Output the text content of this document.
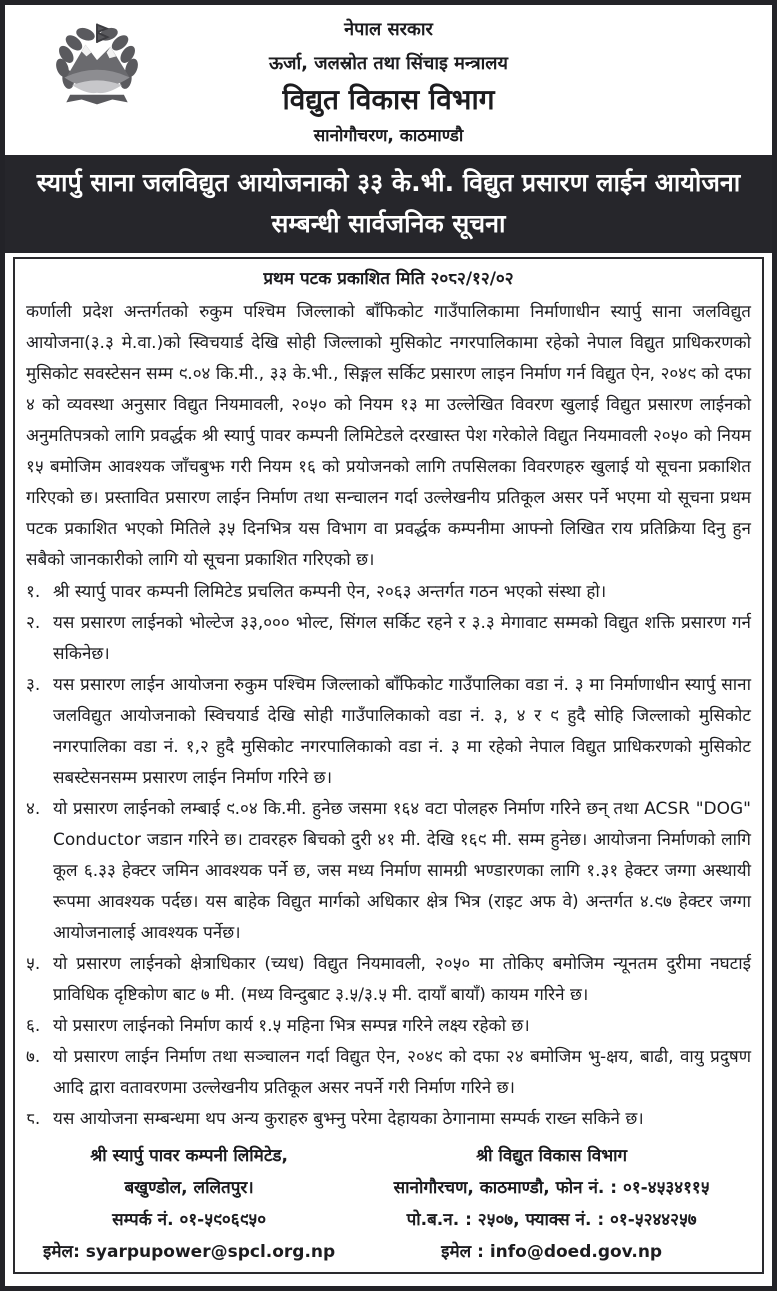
नेपाल सरकार
ऊर्जा, जलस्रोत तथा सिंचाइ मन्त्रालय
विद्युत विकास विभाग
सानोगौचरण, काठमाण्डौ
स्यार्पु साना जलविद्युत आयोजनाको ३३ के.भी. विद्युत प्रसारण लाईन आयोजना
सम्बन्धी सार्वजनिक सूचना
प्रथम पटक प्रकाशित मिति २०८२/१२/०२
कर्णाली प्रदेश अन्तर्गतको रुकुम पश्चिम जिल्लाको बाँफिकोट गाउँपालिकामा निर्माणाधीन स्यार्पु साना जलविद्युत आयोजना(३.३ मे.वा.)को स्विचयार्ड देखि सोही जिल्लाको मुसिकोट नगरपालिकामा रहेको नेपाल विद्युत प्राधिकरणको मुसिकोट सवस्टेसन सम्म ९.०४ कि.मी., ३३ के.भी., सिङ्गल सर्किट प्रसारण लाइन निर्माण गर्न विद्युत ऐन, २०४९ को दफा ४ को व्यवस्था अनुसार विद्युत नियमावली, २०५० को नियम १३ मा उल्लेखित विवरण खुलाई विद्युत प्रसारण लाईनको अनुमतिपत्रको लागि प्रवर्द्धक श्री स्यार्पु पावर कम्पनी लिमिटेडले दरखास्त पेश गरेकोले विद्युत नियमावली २०५० को नियम १५ बमोजिम आवश्यक जाँचबुझ गरी नियम १६ को प्रयोजनको लागि तपसिलका विवरणहरु खुलाई यो सूचना प्रकाशित गरिएको छ। प्रस्तावित प्रसारण लाईन निर्माण तथा सन्चालन गर्दा उल्लेखनीय प्रतिकूल असर पर्ने भएमा यो सूचना प्रथम पटक प्रकाशित भएको मितिले ३५ दिनभित्र यस विभाग वा प्रवर्द्धक कम्पनीमा आफ्नो लिखित राय प्रतिक्रिया दिनु हुन सबैको जानकारीको लागि यो सूचना प्रकाशित गरिएको छ।
१. श्री स्यार्पु पावर कम्पनी लिमिटेड प्रचलित कम्पनी ऐन, २०६३ अन्तर्गत गठन भएको संस्था हो।
२. यस प्रसारण लाईनको भोल्टेज ३३,००० भोल्ट, सिंगल सर्किट रहने र ३.३ मेगावाट सम्मको विद्युत शक्ति प्रसारण गर्न सकिनेछ।
३. यस प्रसारण लाईन आयोजना रुकुम पश्चिम जिल्लाको बाँफिकोट गाउँपालिका वडा नं. ३ मा निर्माणाधीन स्यार्पु साना जलविद्युत आयोजनाको स्विचयार्ड देखि सोही गाउँपालिकाको वडा नं. ३, ४ र ९ हुदै सोहि जिल्लाको मुसिकोट नगरपालिका वडा नं. १,२ हुदै मुसिकोट नगरपालिकाको वडा नं. ३ मा रहेको नेपाल विद्युत प्राधिकरणको मुसिकोट सबस्टेसनसम्म प्रसारण लाईन निर्माण गरिने छ।
४. यो प्रसारण लाईनको लम्बाई ९.०४ कि.मी. हुनेछ जसमा १६४ वटा पोलहरु निर्माण गरिने छन् तथा ACSR "DOG" Conductor जडान गरिने छ। टावरहरु बिचको दुरी ४१ मी. देखि १६९ मी. सम्म हुनेछ। आयोजना निर्माणको लागि कूल ६.३३ हेक्टर जमिन आवश्यक पर्ने छ, जस मध्य निर्माण सामग्री भण्डारणका लागि १.३१ हेक्टर जग्गा अस्थायी रूपमा आवश्यक पर्दछ। यस बाहेक विद्युत मार्गको अधिकार क्षेत्र भित्र (राइट अफ वे) अन्तर्गत ४.९७ हेक्टर जग्गा आयोजनालाई आवश्यक पर्नेछ।
५. यो प्रसारण लाईनको क्षेत्राधिकार (च्यध) विद्युत नियमावली, २०५० मा तोकिए बमोजिम न्यूनतम दुरीमा नघटाई प्राविधिक दृष्टिकोण बाट ७ मी. (मध्य विन्दुबाट ३.५/३.५ मी. दायाँ बायाँ) कायम गरिने छ।
६. यो प्रसारण लाईनको निर्माण कार्य १.५ महिना भित्र सम्पन्न गरिने लक्ष्य रहेको छ।
७. यो प्रसारण लाईन निर्माण तथा सञ्चालन गर्दा विद्युत ऐन, २०४९ को दफा २४ बमोजिम भु-क्षय, बाढी, वायु प्रदुषण आदि द्वारा वतावरणमा उल्लेखनीय प्रतिकूल असर नपर्ने गरी निर्माण गरिने छ।
८. यस आयोजना सम्बन्धमा थप अन्य कुराहरु बुझ्नु परेमा देहायका ठेगानामा सम्पर्क राख्न सकिने छ।
श्री स्यार्पु पावर कम्पनी लिमिटेड,
बखुण्डोल, ललितपुर।
सम्पर्क नं. ०१-५९०६९५०
इमेल: syarpupower@spcl.org.np
श्री विद्युत विकास विभाग
सानोगौरचण, काठमाण्डौ, फोन नं. : ०१-४५३४११५
पो.ब.न. : २५०७, फ्याक्स नं. : ०१-५२४४२५७
इमेल : info@doed.gov.np
